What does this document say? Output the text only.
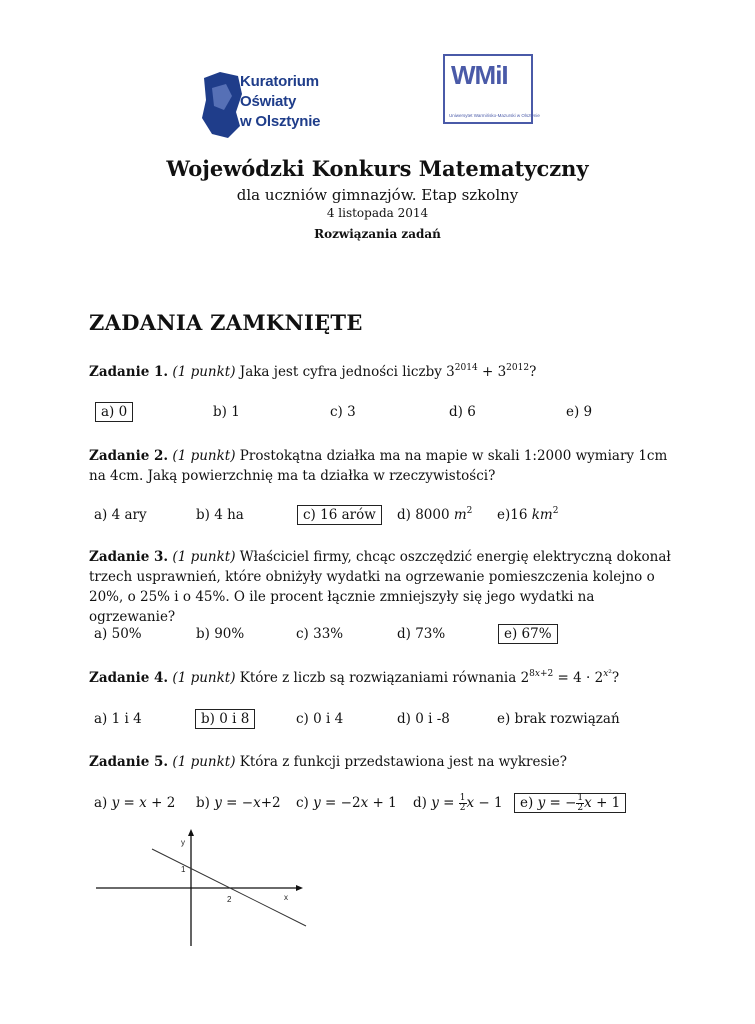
Kuratorium Oświaty
w Olsztynie
WMiI
Uniwersytet Warmińsko-Mazurski w Olsztynie
Wojewódzki Konkurs Matematyczny
dla uczniów gimnazjów. Etap szkolny
4 listopada 2014
Rozwiązania zadań
ZADANIA ZAMKNIĘTE
Zadanie 1. (1 punkt) Jaka jest cyfra jedności liczby $3^{2014} + 3^{2012}$?
a) 0	b) 1	c) 3	d) 6	e) 9
Zadanie 2. (1 punkt) Prostokątna działka ma na mapie w skali 1:2000 wymiary 1cm na 4cm. Jaką powierzchnię ma ta działka w rzeczywistości?
a) 4 ary	b) 4 ha	c) 16 arów	d) 8000 $m^2$ e)16 $km^2$
Zadanie 3. (1 punkt) Właściciel firmy, chcąc oszczędzić energię elektryczną dokonał trzech usprawnień, które obniżyły wydatki na ogrzewanie pomieszczenia kolejno o 20%, o 25% i o 45%. O ile procent łącznie zmniejszyły się jego wydatki na ogrzewanie?
a) 50%	b) 90%	c) 33%	d) 73%	e) 67%
Zadanie 4. (1 punkt) Które z liczb są rozwiązaniami równania $2^{8x+2} = 4 \cdot 2^{x^2}$?
a) 1 i 4	b) 0 i 8	c) 0 i 4	d) 0 i -8	e) brak rozwiązań
Zadanie 5. (1 punkt) Która z funkcji przedstawiona jest na wykresie?
a) y = x + 2 b) y = −x+2 c) y = −2x + 1 d) $y = \frac{1}{2}$ x − 1 e) y = − $\frac{1}{2}$ x + 1
y
x
1
2
